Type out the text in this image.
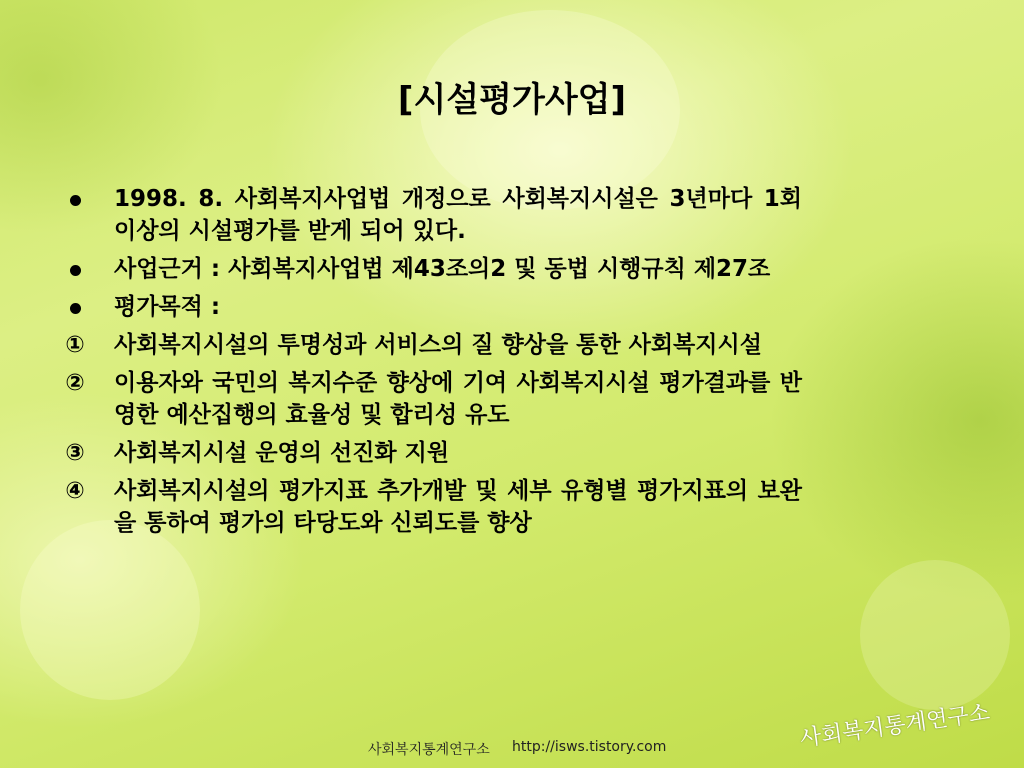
[시설평가사업]
1998. 8. 사회복지사업법 개정으로 사회복지시설은 3년마다 1회 이상의 시설평가를 받게 되어 있다.
사업근거 : 사회복지사업법 제43조의2 및 동법 시행규칙 제27조
평가목적 :
① 사회복지시설의 투명성과 서비스의 질 향상을 통한 사회복지시설
② 이용자와 국민의 복지수준 향상에 기여 사회복지시설 평가결과를 반영한 예산집행의 효율성 및 합리성 유도
③ 사회복지시설 운영의 선진화 지원
④ 사회복지시설의 평가지표 추가개발 및 세부 유형별 평가지표의 보완을 통하여 평가의 타당도와 신뢰도를 향상
사회복지통계연구소 http://isws.tistory.com	사회복지통계연구소
